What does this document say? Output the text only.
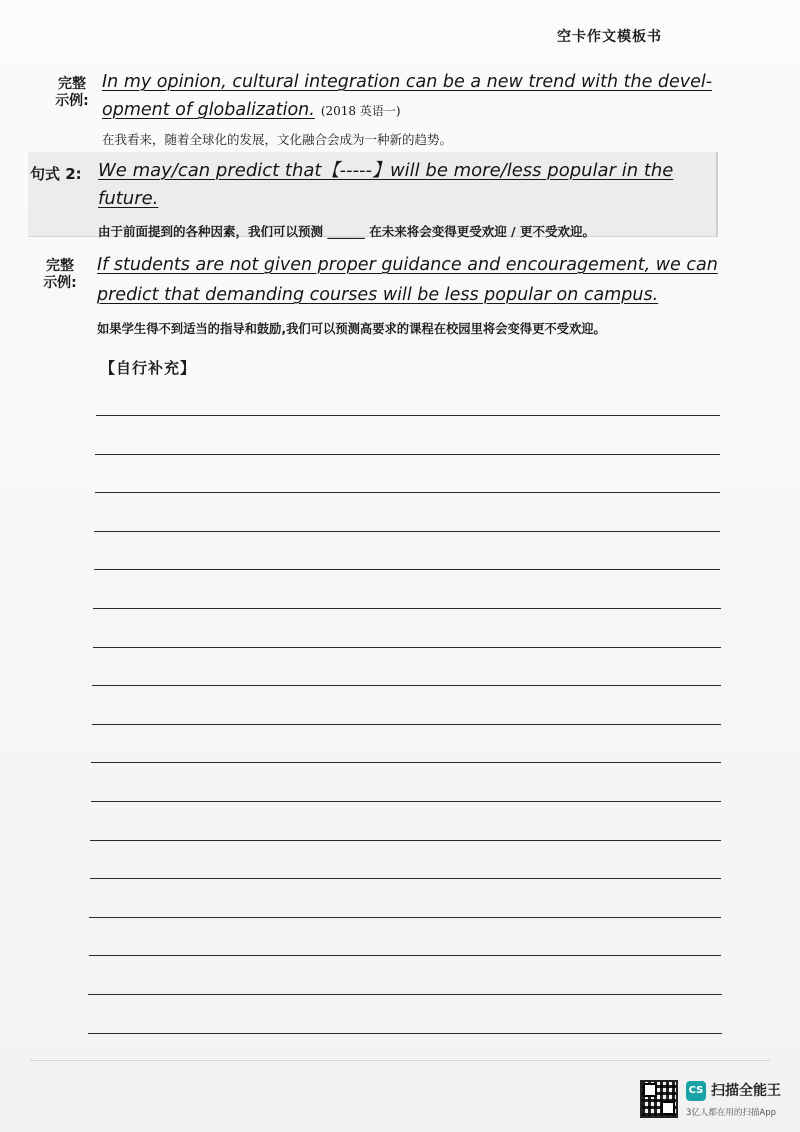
空卡作文模板书
完整
示例:
In my opinion, cultural integration can be a new trend with the devel-
opment of globalization. (2018 英语一)
在我看来，随着全球化的发展，文化融合会成为一种新的趋势。
句式 2: We may/can predict that【-----】will be more/less popular in the
future.
由于前面提到的各种因素，我们可以预测 ______ 在未来将会变得更受欢迎 / 更不受欢迎。
完整
示例:
If students are not given proper guidance and encouragement, we can
predict that demanding courses will be less popular on campus.
如果学生得不到适当的指导和鼓励,我们可以预测高要求的课程在校园里将会变得更不受欢迎。
【自行补充】
CS 扫描全能王
3亿人都在用的扫描App
